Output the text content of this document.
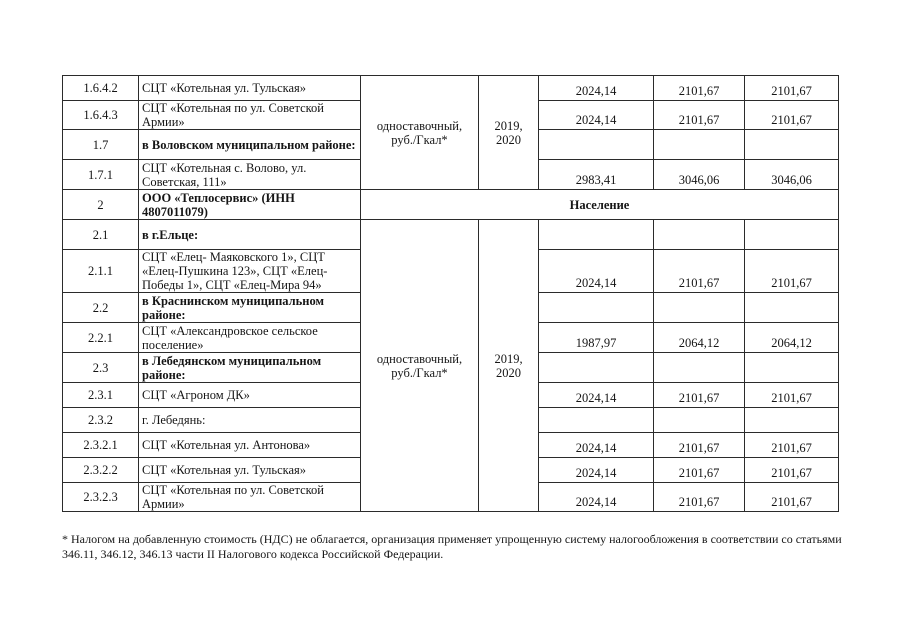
1.6.4.2	СЦТ «Котельная ул. Тульская»	одноставочный, руб./Гкал*	2019, 2020	2024,14	2101,67	2101,67
1.6.4.3	СЦТ «Котельная по ул. Советской Армии»			2024,14	2101,67	2101,67
1.7	в Воловском муниципальном районе:					
1.7.1	СЦТ «Котельная с. Волово, ул. Советская, 111»			2983,41	3046,06	3046,06
2	ООО «Теплосервис» (ИНН 4807011079)	Население				
2.1	в г.Ельце:	одноставочный, руб./Гкал*	2019, 2020			
2.1.1	СЦТ «Елец- Маяковского 1», СЦТ «Елец-Пушкина 123», СЦТ «Елец-Победы 1», СЦТ «Елец-Мира 94»			2024,14	2101,67	2101,67
2.2	в Краснинском муниципальном районе:					
2.2.1	СЦТ «Александровское сельское поселение»			1987,97	2064,12	2064,12
2.3	в Лебедянском муниципальном районе:					
2.3.1	СЦТ «Агроном ДК»			2024,14	2101,67	2101,67
2.3.2	г. Лебедянь:					
2.3.2.1	СЦТ «Котельная ул. Антонова»			2024,14	2101,67	2101,67
2.3.2.2	СЦТ «Котельная ул. Тульская»			2024,14	2101,67	2101,67
2.3.2.3	СЦТ «Котельная по ул. Советской Армии»			2024,14	2101,67	2101,67
* Налогом на добавленную стоимость (НДС) не облагается, организация применяет упрощенную систему налогообложения в соответствии со статьями 346.11, 346.12, 346.13 части II Налогового кодекса Российской Федерации.
